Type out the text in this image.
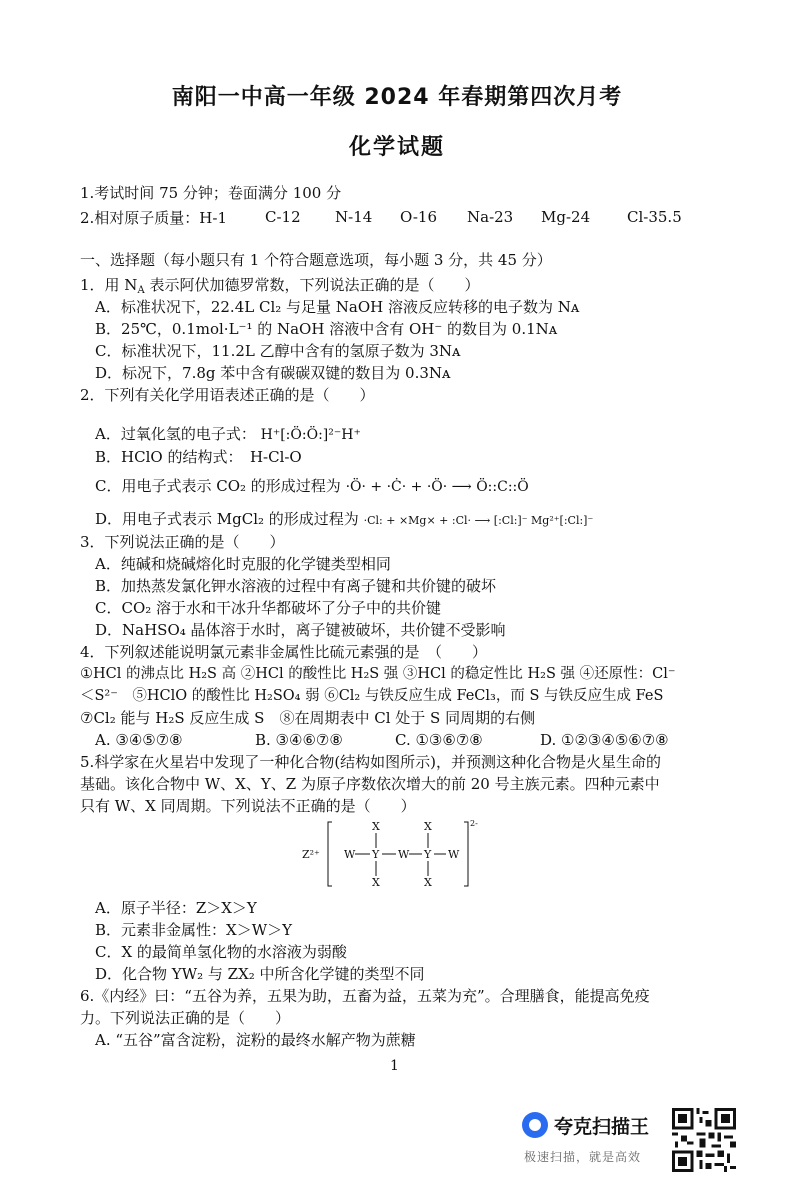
南阳一中高一年级 2024 年春期第四次月考
化学试题
1.考试时间 75 分钟；卷面满分 100 分
2.相对原子质量：H-1	C-12 N-14 O-16 Na-23 Mg-24 Cl-35.5
一、选择题（每小题只有 1 个符合题意选项，每小题 3 分，共 45 分）
1．用 $N_A$ 表示阿伏加德罗常数，下列说法正确的是（　　）
A．标准状况下，22.4L Cl₂ 与足量 NaOH 溶液反应转移的电子数为 Nᴀ
B．25℃，0.1mol·L⁻¹ 的 NaOH 溶液中含有 OH⁻ 的数目为 0.1Nᴀ
C．标准状况下，11.2L 乙醇中含有的氢原子数为 3Nᴀ
D．标况下，7.8g 苯中含有碳碳双键的数目为 0.3Nᴀ
2．下列有关化学用语表述正确的是（　　）
A．过氧化氢的电子式： H⁺[:Ö:Ö:]²⁻H⁺
B．HClO 的结构式：　H-Cl-O
C．用电子式表示 CO₂ 的形成过程为 ·Ö· + ·Ċ· + ·Ö· ⟶ Ö::C::Ö
D．用电子式表示 MgCl₂ 的形成过程为 ·Cl: + ×Mg× + :Cl· ⟶ [:Cl:]⁻ Mg²⁺[:Cl:]⁻
3．下列说法正确的是（　　）
A．纯碱和烧碱熔化时克服的化学键类型相同
B．加热蒸发氯化钾水溶液的过程中有离子键和共价键的破坏
C．CO₂ 溶于水和干冰升华都破坏了分子中的共价键
D．NaHSO₄ 晶体溶于水时，离子键被破坏，共价键不受影响
4．下列叙述能说明氯元素非金属性比硫元素强的是　（　　）
①HCl 的沸点比 H₂S 高 ②HCl 的酸性比 H₂S 强 ③HCl 的稳定性比 H₂S 强 ④还原性：Cl⁻
＜S²⁻　⑤HClO 的酸性比 H₂SO₄ 弱 ⑥Cl₂ 与铁反应生成 FeCl₃，而 S 与铁反应生成 FeS
⑦Cl₂ 能与 H₂S 反应生成 S　⑧在周期表中 Cl 处于 S 同周期的右侧
A. ③④⑤⑦⑧	B. ③④⑥⑦⑧	C. ①③⑥⑦⑧	D. ①②③④⑤⑥⑦⑧
5.科学家在火星岩中发现了一种化合物(结构如图所示)，并预测这种化合物是火星生命的
基础。该化合物中 W、X、Y、Z 为原子序数依次增大的前 20 号主族元素。四种元素中
只有 W、X 同周期。下列说法不正确的是（　　）
Z²⁺
2-
X	X
W Y W Y W
X	X
A．原子半径：Z＞X＞Y
B．元素非金属性：X＞W＞Y
C．X 的最简单氢化物的水溶液为弱酸
D．化合物 YW₂ 与 ZX₂ 中所含化学键的类型不同
6.《内经》曰：“五谷为养，五果为助，五畜为益，五菜为充”。合理膳食，能提高免疫
力。下列说法正确的是（　　）
A. “五谷”富含淀粉，淀粉的最终水解产物为蔗糖
1
夸克扫描王
极速扫描，就是高效
